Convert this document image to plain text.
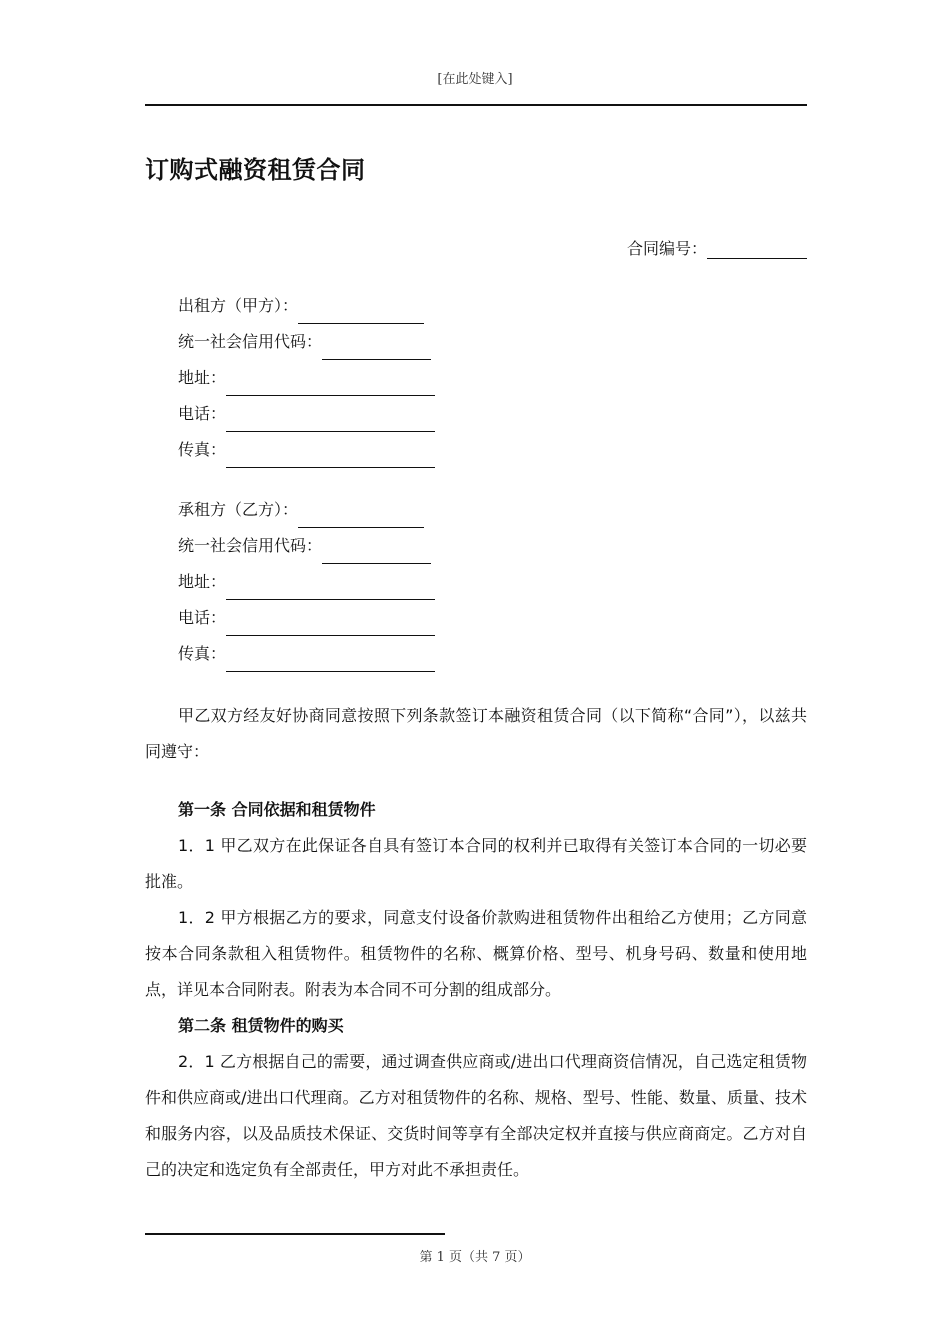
[在此处键入]
订购式融资租赁合同
合同编号：
出租方（甲方）：
统一社会信用代码：
地址：
电话：
传真：
承租方（乙方）：
统一社会信用代码：
地址：
电话：
传真：

甲乙双方经友好协商同意按照下列条款签订本融资租赁合同（以下简称“合同”），以兹共同遵守：

第一条 合同依据和租赁物件

1．1 甲乙双方在此保证各自具有签订本合同的权利并已取得有关签订本合同的一切必要批准。

1．2 甲方根据乙方的要求，同意支付设备价款购进租赁物件出租给乙方使用；乙方同意按本合同条款租入租赁物件。租赁物件的名称、概算价格、型号、机身号码、数量和使用地点，详见本合同附表。附表为本合同不可分割的组成部分。

第二条 租赁物件的购买

2．1 乙方根据自己的需要，通过调查供应商或/进出口代理商资信情况，自己选定租赁物件和供应商或/进出口代理商。乙方对租赁物件的名称、规格、型号、性能、数量、质量、技术和服务内容，以及品质技术保证、交货时间等享有全部决定权并直接与供应商商定。乙方对自己的决定和选定负有全部责任，甲方对此不承担责任。

第 1 页（共 7 页）
